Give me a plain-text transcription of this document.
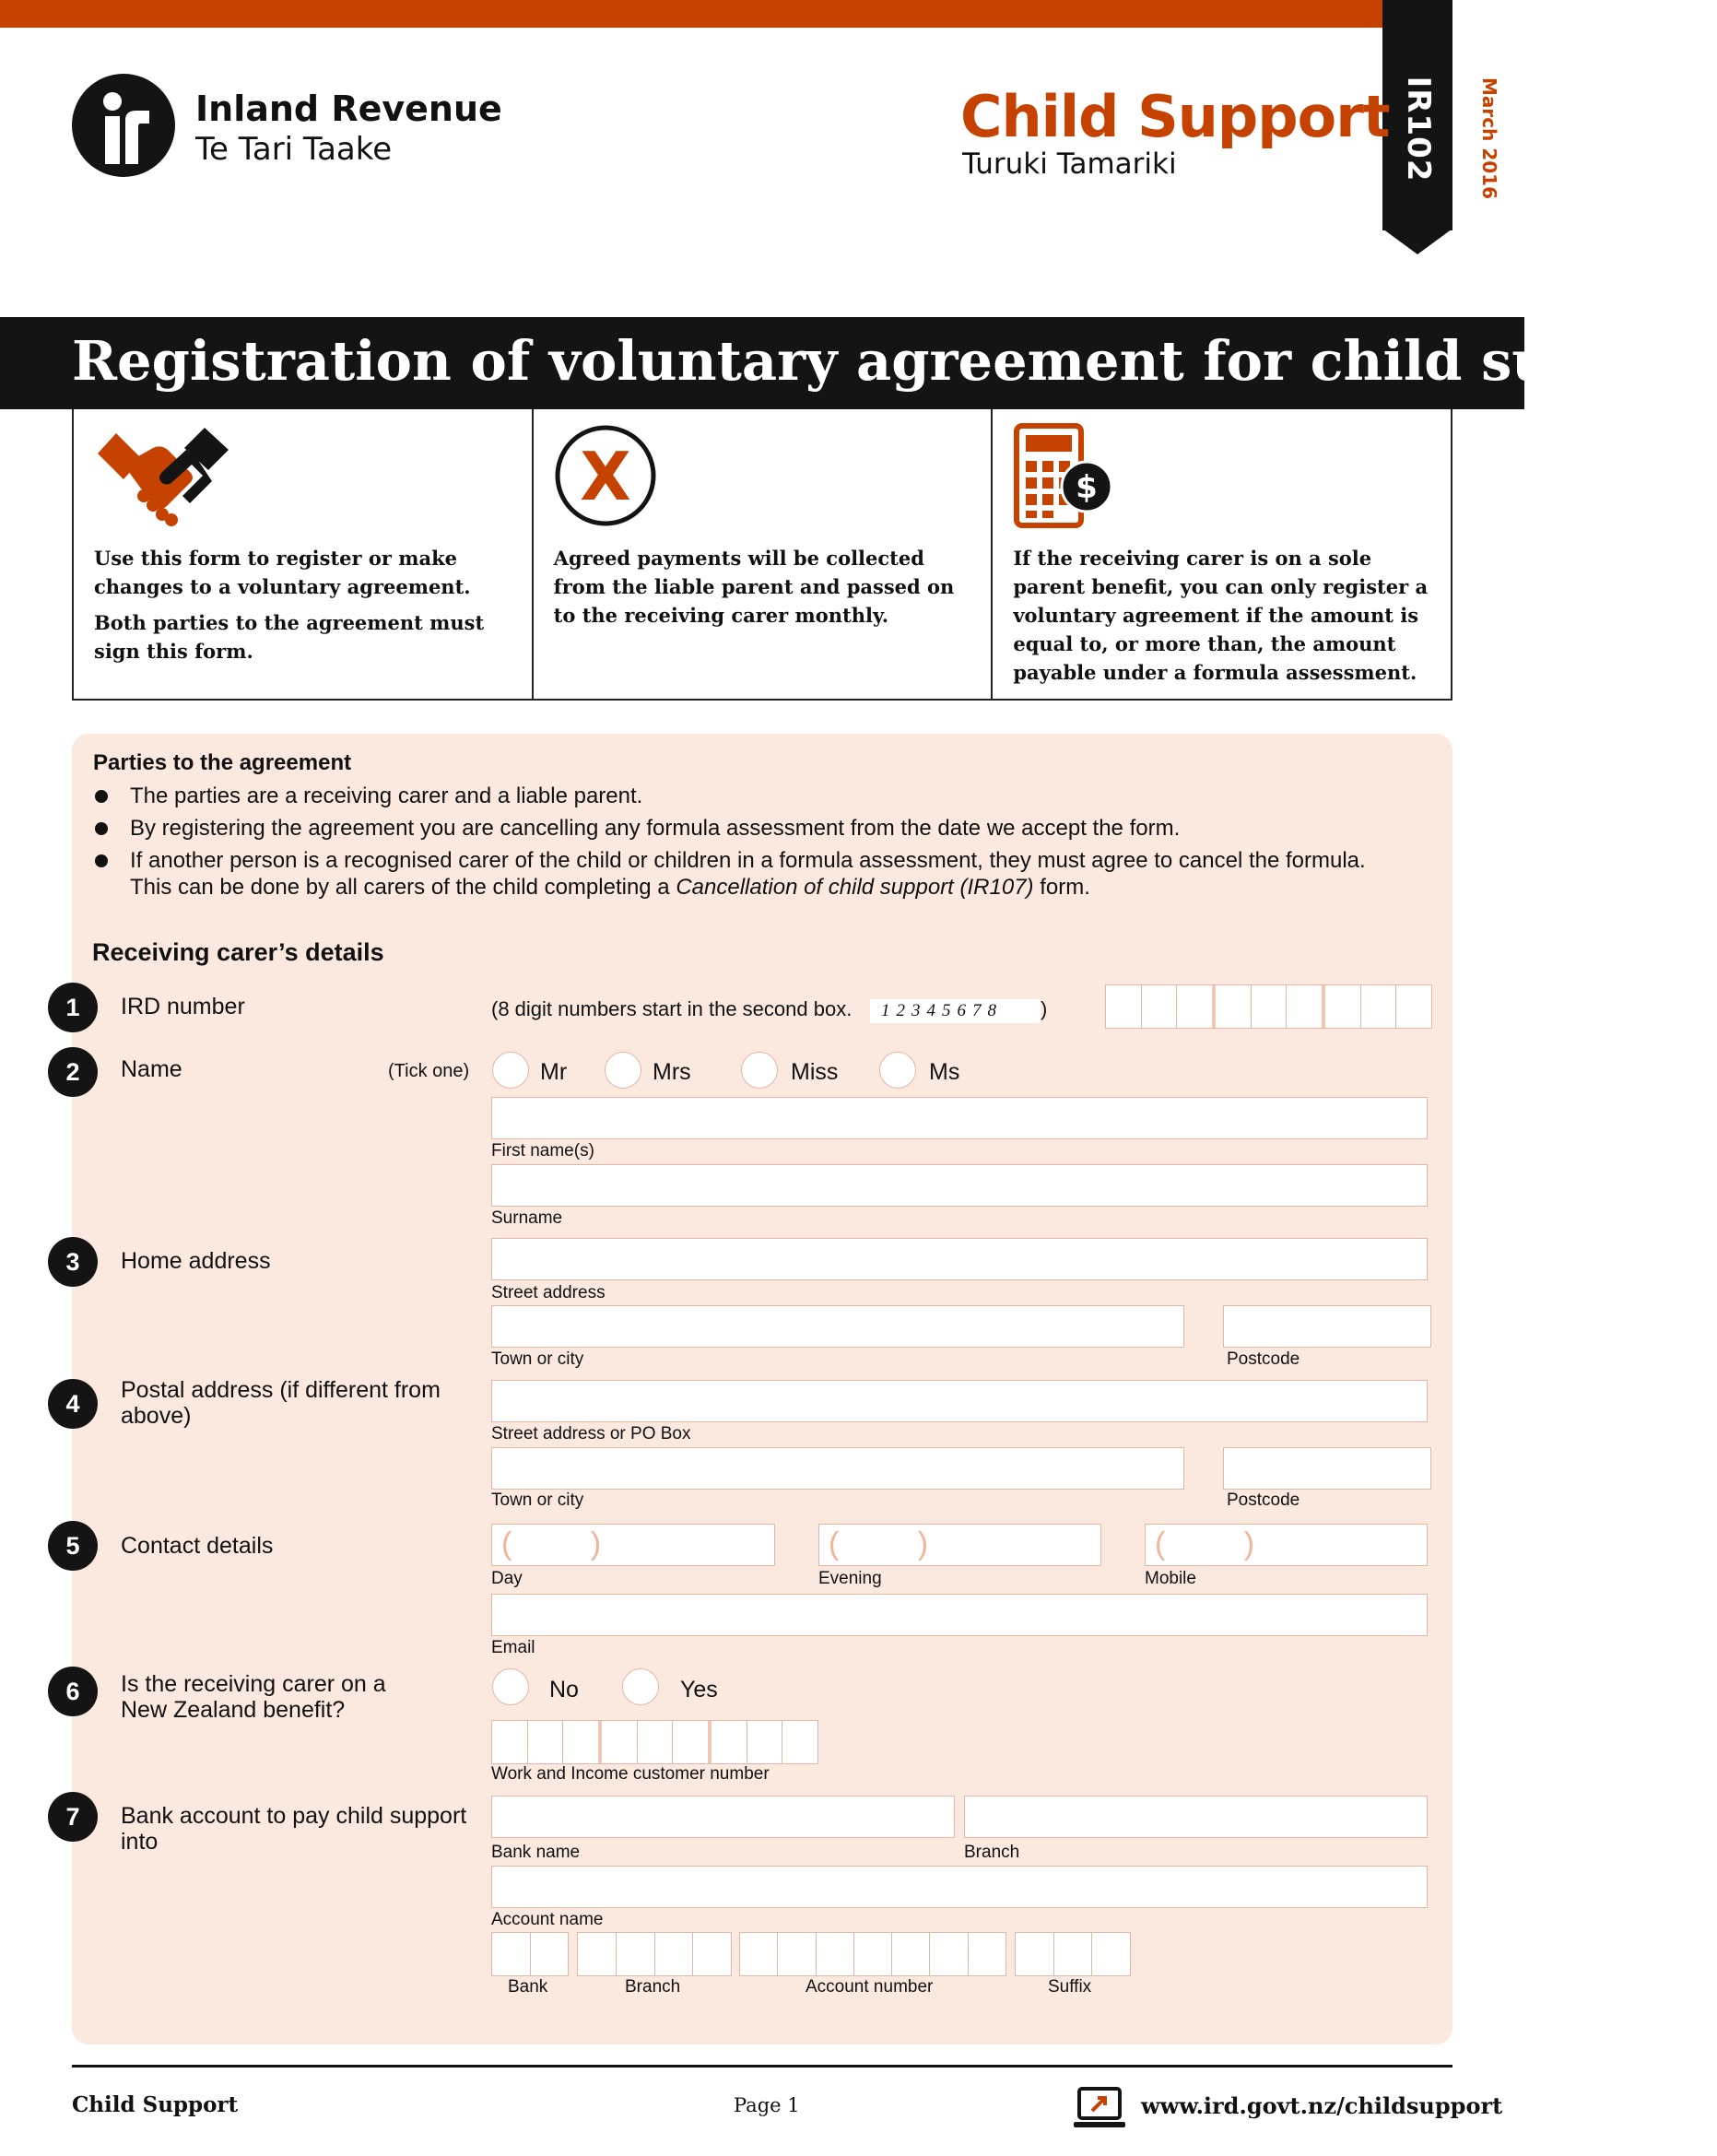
IR102 March 2016
Inland Revenue
Te Tari Taake	Child Support
Turuki Tamariki
Registration of voluntary agreement for child support
Use this form to register or make changes to a voluntary agreement.
Both parties to the agreement must sign this form.
X
Agreed payments will be collected from the liable parent and passed on to the receiving carer monthly.
$
If the receiving carer is on a sole parent benefit, you can only register a voluntary agreement if the amount is equal to, or more than, the amount payable under a formula assessment.
Parties to the agreement
The parties are a receiving carer and a liable parent.
By registering the agreement you are cancelling any formula assessment from the date we accept the form.
If another person is a recognised carer of the child or children in a formula assessment, they must agree to cancel the formula.
This can be done by all carers of the child completing a Cancellation of child support (IR107) form.
Receiving carer’s details
1	IRD number	(8 digit numbers start in the second box.	12345678	)
2	Name	(Tick one)	Mr	Mrs	Miss	Ms
First name(s)
Surname
3	Home address
Street address
Town or city	Postcode
4	Postal address (if different from
above)
Street address or PO Box
Town or city	Postcode
5	Contact details	( )
Day
( )
Evening
( )
Mobile
Email
6	Is the receiving carer on a
New Zealand benefit?
No	Yes
Work and Income customer number
7	Bank account to pay child support
into	Bank name	Branch
Account name
Bank	Branch	Account number	Suffix
Child Support	Page 1	www.ird.govt.nz/childsupport
